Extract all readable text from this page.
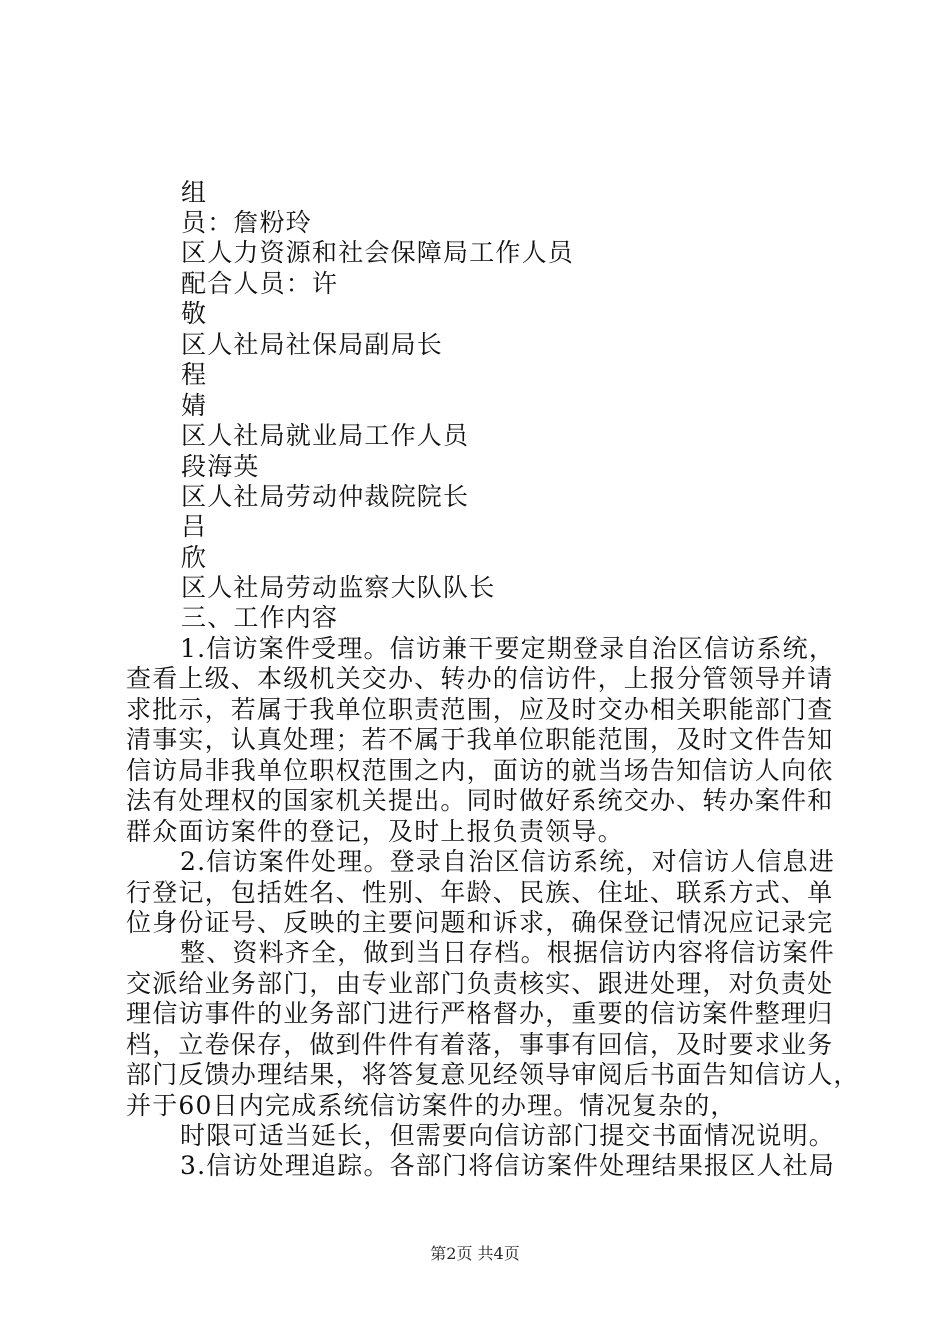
组
员：詹粉玲
区人力资源和社会保障局工作人员
配合人员：许
敬
区人社局社保局副局长
程
婧
区人社局就业局工作人员
段海英
区人社局劳动仲裁院院长
吕
欣
区人社局劳动监察大队队长
三、工作内容
1.信访案件受理。信访兼干要定期登录自治区信访系统，
查看上级、本级机关交办、转办的信访件，上报分管领导并请
求批示，若属于我单位职责范围，应及时交办相关职能部门查
清事实，认真处理；若不属于我单位职能范围，及时文件告知
信访局非我单位职权范围之内，面访的就当场告知信访人向依
法有处理权的国家机关提出。同时做好系统交办、转办案件和
群众面访案件的登记，及时上报负责领导。
2.信访案件处理。登录自治区信访系统，对信访人信息进
行登记，包括姓名、性别、年龄、民族、住址、联系方式、单
位身份证号、反映的主要问题和诉求，确保登记情况应记录完
整、资料齐全，做到当日存档。根据信访内容将信访案件
交派给业务部门，由专业部门负责核实、跟进处理，对负责处
理信访事件的业务部门进行严格督办，重要的信访案件整理归
档，立卷保存，做到件件有着落，事事有回信，及时要求业务
部门反馈办理结果，将答复意见经领导审阅后书面告知信访人，
并于60日内完成系统信访案件的办理。情况复杂的，
时限可适当延长，但需要向信访部门提交书面情况说明。
3.信访处理追踪。各部门将信访案件处理结果报区人社局
第2页 共4页
